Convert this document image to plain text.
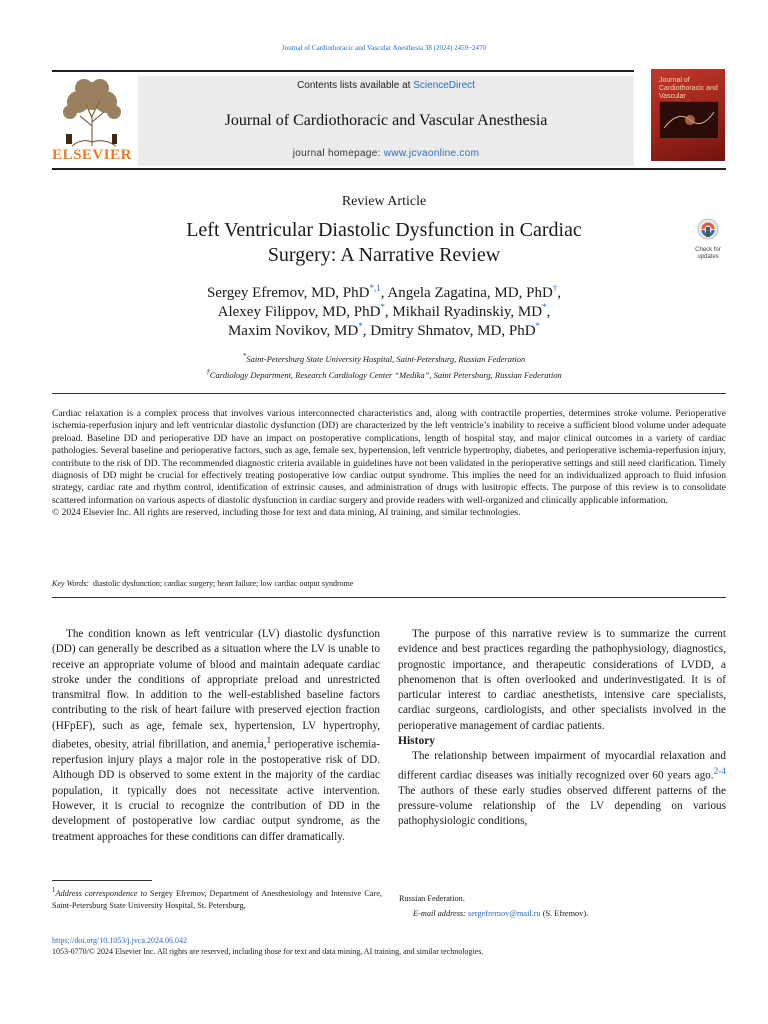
Journal of Cardiothoracic and Vascular Anesthesia 38 (2024) 2459−2470
ELSEVIER
Contents lists available at ScienceDirect
Journal of Cardiothoracic and Vascular Anesthesia
journal homepage: www.jcvaonline.com
Journal of Cardiothoracic and Vascular
Review Article
Left Ventricular Diastolic Dysfunction in Cardiac Surgery: A Narrative Review	Check for updates
Sergey Efremov, MD, PhD$^{*,1}$, Angela Zagatina, MD, PhD†,
Alexey Filippov, MD, PhD*, Mikhail Ryadinskiy, MD*,
Maxim Novikov, MD*, Dmitry Shmatov, MD, PhD*
*Saint-Petersburg State University Hospital, Saint-Petersburg, Russian Federation
†Cardiology Department, Research Cardiology Center “Medika”, Saint Petersburg, Russian Federation

Cardiac relaxation is a complex process that involves various interconnected characteristics and, along with contractile properties, determines stroke volume. Perioperative ischemia-reperfusion injury and left ventricular diastolic dysfunction (DD) are characterized by the left ventricle’s inability to receive a sufficient blood volume under adequate preload. Baseline DD and perioperative DD have an impact on postoperative complications, length of hospital stay, and major clinical outcomes in a variety of cardiac pathologies. Several baseline and perioperative factors, such as age, female sex, hypertension, left ventricle hypertrophy, diabetes, and perioperative ischemia-reperfusion injury, contribute to the risk of DD. The recommended diagnostic criteria available in guidelines have not been validated in the perioperative settings and still need clarification. Timely diagnosis of DD might be crucial for effectively treating postoperative low cardiac output syndrome. This implies the need for an individualized approach to fluid infusion strategy, cardiac rate and rhythm control, identification of extrinsic causes, and administration of drugs with lusitropic effects. The purpose of this review is to consolidate scattered information on various aspects of diastolic dysfunction in cardiac surgery and provide readers with well-organized and clinically applicable information.

© 2024 Elsevier Inc. All rights are reserved, including those for text and data mining, AI training, and similar technologies.

Key Words: diastolic dysfunction; cardiac surgery; heart failure; low cardiac output syndrome

The condition known as left ventricular (LV) diastolic dysfunction (DD) can generally be described as a situation where the LV is unable to receive an appropriate volume of blood and maintain adequate cardiac stroke under the conditions of appropriate preload and unrestricted transmitral flow. In addition to the well-established baseline factors contributing to the risk of heart failure with preserved ejection fraction (HFpEF), such as age, female sex, hypertension, LV hypertrophy, diabetes, obesity, atrial fibrillation, and anemia,$^1$ perioperative ischemia-reperfusion injury plays a major role in the postoperative risk of DD. Although DD is observed to some extent in the majority of the cardiac population, it typically does not necessitate active intervention. However, it is crucial to recognize the contribution of DD in the development of postoperative low cardiac output syndrome, as the treatment approaches for these conditions can differ dramatically.

The purpose of this narrative review is to summarize the current evidence and best practices regarding the pathophysiology, diagnostics, prognostic importance, and therapeutic considerations of LVDD, a phenomenon that is often overlooked and underinvestigated. It is of particular interest to cardiac anesthetists, intensive care specialists, cardiac surgeons, cardiologists, and other specialists involved in the perioperative management of cardiac patients.

History

The relationship between impairment of myocardial relaxation and different cardiac diseases was initially recognized over 60 years ago.$^{2-4}$ The authors of these early studies observed different patterns of the pressure-volume relationship of the LV depending on various pathophysiologic conditions,

$^1$Address correspondence to Sergey Efremov, Department of Anesthesiology and Intensive Care, Saint-Petersburg State University Hospital, St. Petersburg,
Russian Federation.
E-mail address: sergefremov@mail.ru (S. Efremov).
https://doi.org/10.1053/j.jvca.2024.06.042
1053-0770/© 2024 Elsevier Inc. All rights are reserved, including those for text and data mining, AI training, and similar technologies.
